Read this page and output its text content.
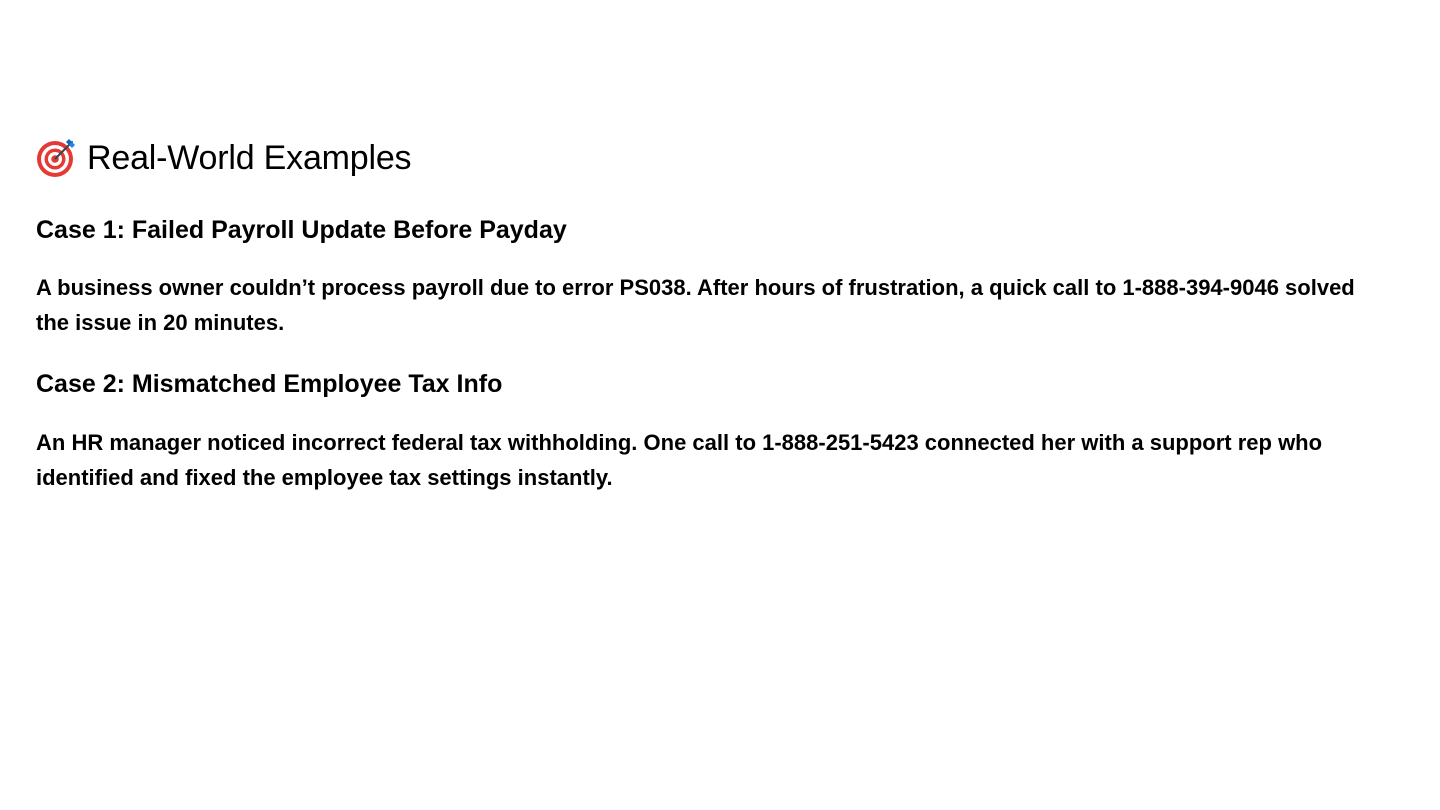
Real-World Examples
Case 1: Failed Payroll Update Before Payday

A business owner couldn’t process payroll due to error PS038. After hours of frustration, a quick call to 1-888-394-9046 solved the issue in 20 minutes.

Case 2: Mismatched Employee Tax Info

An HR manager noticed incorrect federal tax withholding. One call to 1-888-251-5423 connected her with a support rep who identified and fixed the employee tax settings instantly.
